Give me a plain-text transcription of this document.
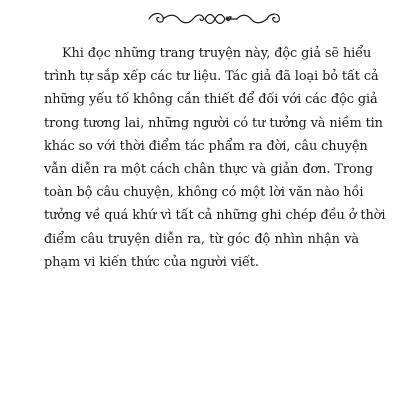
Khi đọc những trang truyện này, độc giả sẽ hiểu
trình tự sắp xếp các tư liệu. Tác giả đã loại bỏ tất cả
những yếu tố không cần thiết để đối với các độc giả
trong tương lai, những người có tư tưởng và niềm tin
khác so với thời điểm tác phẩm ra đời, câu chuyện
vẫn diễn ra một cách chân thực và giản đơn. Trong
toàn bộ câu chuyện, không có một lời văn nào hồi
tưởng về quá khứ vì tất cả những ghi chép đều ở thời
điểm câu truyện diễn ra, từ góc độ nhìn nhận và
phạm vi kiến thức của người viết.
